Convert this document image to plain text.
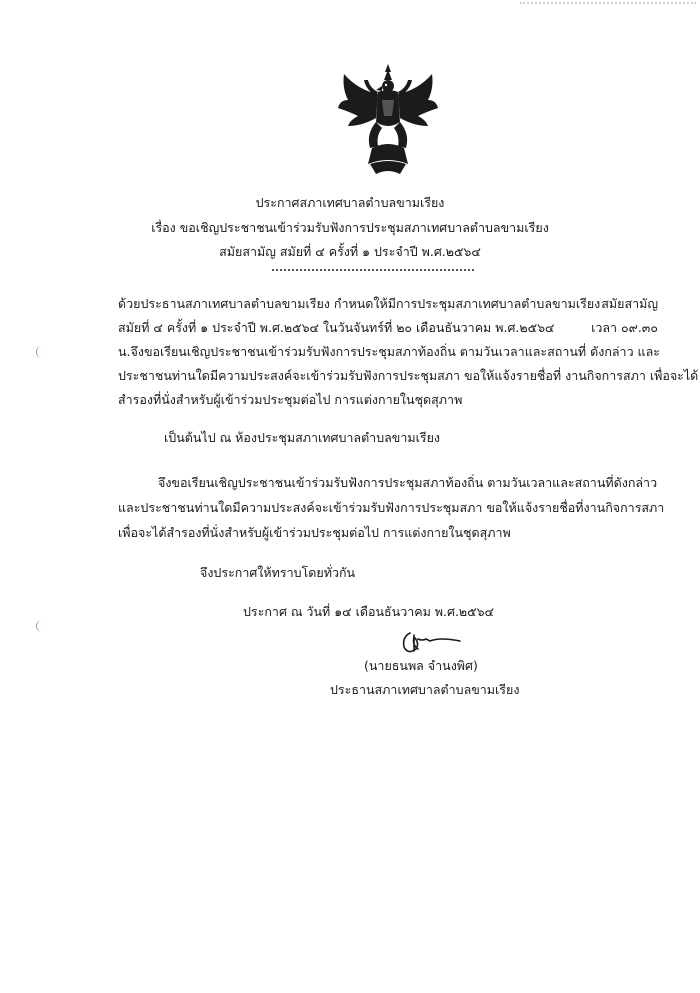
ประกาศสภาเทศบาลตำบลขามเรียง
เรื่อง ขอเชิญประชาชนเข้าร่วมรับฟังการประชุมสภาเทศบาลตำบลขามเรียง
สมัยสามัญ สมัยที่ ๔ ครั้งที่ ๑ ประจำปี พ.ศ.๒๕๖๔
ด้วยประธานสภาเทศบาลตำบลขามเรียง กำหนดให้มีการประชุมสภาเทศบาลตำบลขามเรียง สมัยสามัญ
สมัยที่ ๔ ครั้งที่ ๑ ประจำปี พ.ศ.๒๕๖๔ ในวันจันทร์ที่ ๒๐ เดือนธันวาคม พ.ศ.๒๕๖๔	เวลา ๐๙.๓๐
น.จึงขอเรียนเชิญประชาชนเข้าร่วมรับฟังการประชุมสภาท้องถิ่น ตามวันเวลาและสถานที่ ดังกล่าว และ
ประชาชนท่านใดมีความประสงค์จะเข้าร่วมรับฟังการประชุมสภา ขอให้แจ้งรายชื่อที่ งานกิจการสภา เพื่อจะได้
สำรองที่นั่งสำหรับผู้เข้าร่วมประชุมต่อไป การแต่งกายในชุดสุภาพ
เป็นต้นไป ณ ห้องประชุมสภาเทศบาลตำบลขามเรียง
จึงขอเรียนเชิญประชาชนเข้าร่วมรับฟังการประชุมสภาท้องถิ่น ตามวันเวลาและสถานที่ดังกล่าว
และประชาชนท่านใดมีความประสงค์จะเข้าร่วมรับฟังการประชุมสภา ขอให้แจ้งรายชื่อที่งานกิจการสภา
เพื่อจะได้สำรองที่นั่งสำหรับผู้เข้าร่วมประชุมต่อไป การแต่งกายในชุดสุภาพ
จึงประกาศให้ทราบโดยทั่วกัน
ประกาศ ณ วันที่ ๑๔ เดือนธันวาคม พ.ศ.๒๕๖๔
(นายธนพล จำนงพิศ)
ประธานสภาเทศบาลตำบลขามเรียง
